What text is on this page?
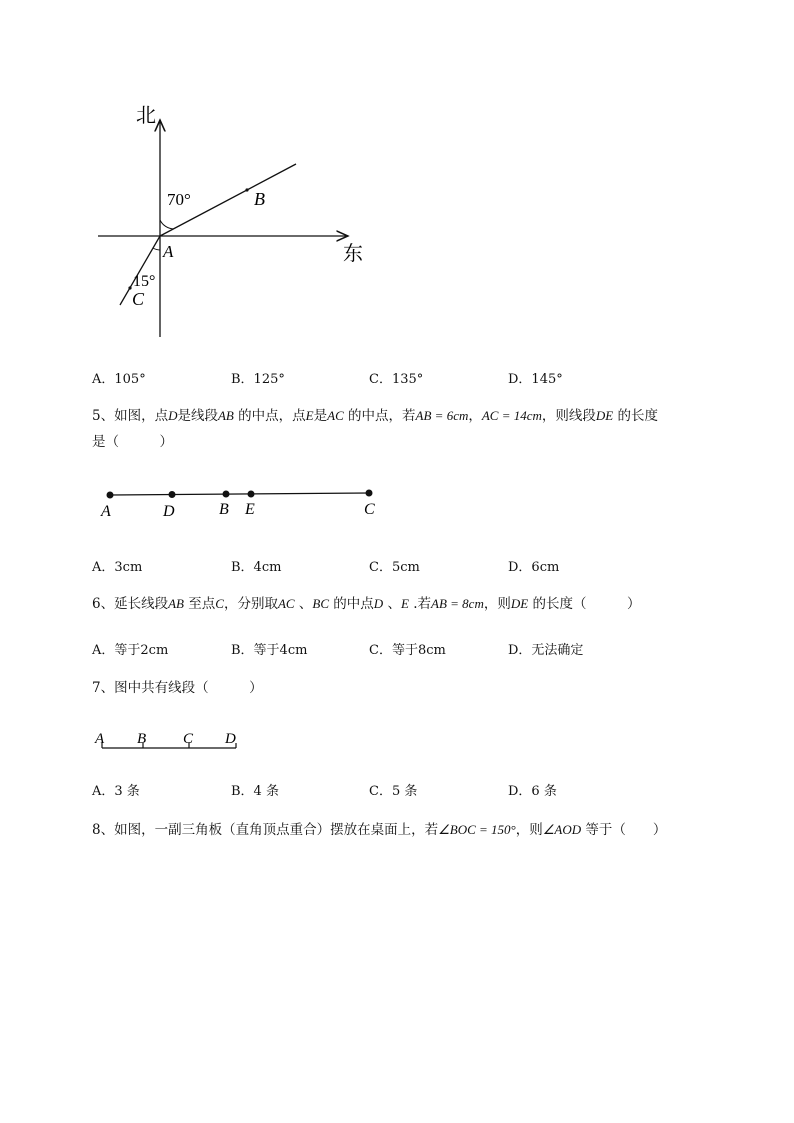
北
东
70°
15°
A
B
C
A．105°	B．125°	C．135°	D．145°
5、如图，点D是线段AB 的中点，点E是AC 的中点，若AB = 6cm，AC = 14cm，则线段DE 的长度
是（　　　）
A	D	B E	C
A．3cm	B．4cm	C．5cm	D．6cm
6、延长线段AB 至点C，分别取AC 、BC 的中点D 、E .若AB = 8cm，则DE 的长度（　　　）
A．等于2cm	B．等于4cm	C．等于8cm	D．无法确定
7、图中共有线段（　　　）
A B C D
A．3 条	B．4 条	C．5 条	D．6 条
8、如图，一副三角板（直角顶点重合）摆放在桌面上，若∠BOC = 150°，则∠AOD 等于（　　）
